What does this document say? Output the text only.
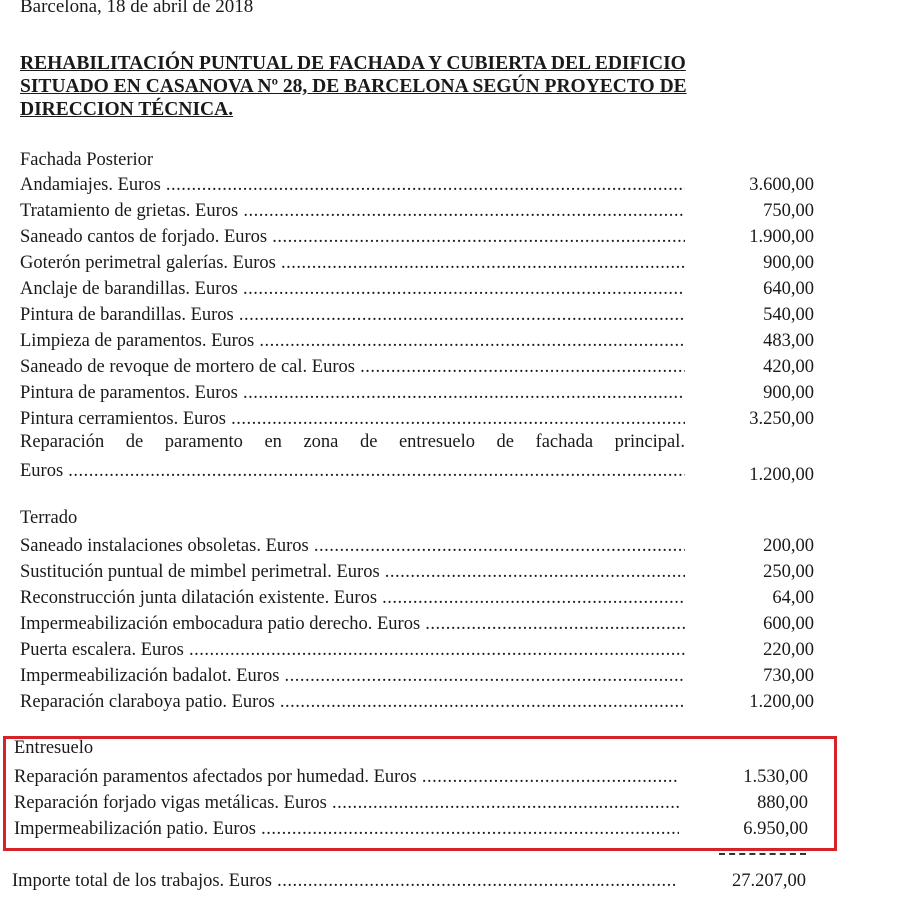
Barcelona, 18 de abril de 2018
REHABILITACIÓN PUNTUAL DE FACHADA Y CUBIERTA DEL EDIFICIO
SITUADO EN CASANOVA Nº 28, DE BARCELONA SEGÚN PROYECTO DE
DIRECCION TÉCNICA.
Fachada Posterior
Andamiajes. Euros .....	3.600,00
Tratamiento de grietas. Euros .....	750,00
Saneado cantos de forjado. Euros .....	1.900,00
Goterón perimetral galerías. Euros .....	900,00
Anclaje de barandillas. Euros .....	640,00
Pintura de barandillas. Euros .....	540,00
Limpieza de paramentos. Euros .....	483,00
Saneado de revoque de mortero de cal. Euros .....	420,00
Pintura de paramentos. Euros .....	900,00
Pintura cerramientos. Euros .....	3.250,00
Reparación de paramento en zona de entresuelo de fachada principal.
Euros .....	1.200,00
Terrado
Saneado instalaciones obsoletas. Euros .....	200,00
Sustitución puntual de mimbel perimetral. Euros .....	250,00
Reconstrucción junta dilatación existente. Euros .....	64,00
Impermeabilización embocadura patio derecho. Euros .....	600,00
Puerta escalera. Euros .....	220,00
Impermeabilización badalot. Euros .....	730,00
Reparación claraboya patio. Euros .....	1.200,00
Entresuelo
Reparación paramentos afectados por humedad. Euros .....	1.530,00
Reparación forjado vigas metálicas. Euros .....	880,00
Impermeabilización patio. Euros .....	6.950,00
Importe total de los trabajos. Euros .....	27.207,00
